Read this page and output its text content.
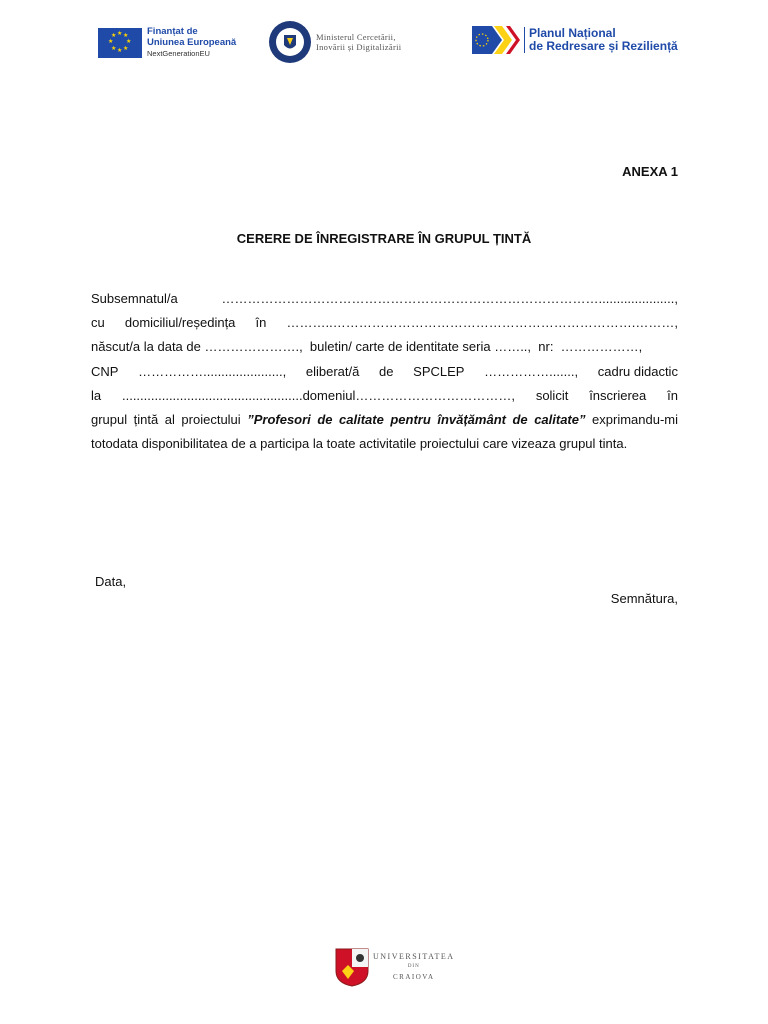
★ ★
★
★
★
★
★
★	Finanțat de
Uniunea Europeană
NextGenerationEU
Ministerul Cercetării,
Inovării și Digitalizării
Planul Național
de Redresare și Reziliență
ANEXA 1
CERERE DE ÎNREGISTRARE ÎN GRUPUL ȚINTĂ
Subsemnatul/a	…………………………………………………………………………….....................,
cu domiciliul/reședința în ………..…………………………………………………………….………,
născut/a la data de ………………….,  buletin/ carte de identitate seria ……..,  nr:  ………………,
CNP ……………......................, eliberat/ă de SPCLEP ……………......., cadru didactic
la ..................................................domeniul………………………………, solicit înscrierea în
grupul țintă al proiectului ”Profesori de calitate pentru învățământ de calitate” exprimandu-mi totodata disponibilitatea de a participa la toate activitatile proiectului care vizeaza grupul tinta.
Data,
Semnătura,
UNIVERSITATEA
DIN
CRAIOVA
